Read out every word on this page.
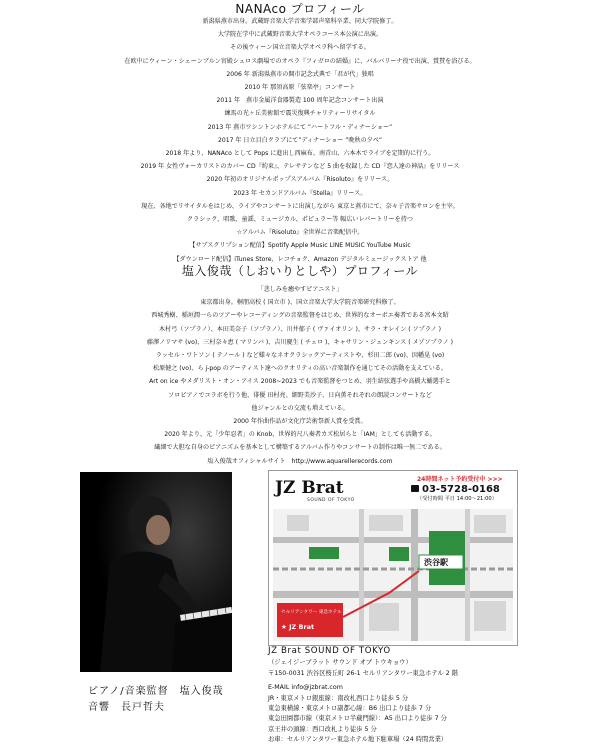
NANAco プロフィール
新潟県燕市出身。武蔵野音楽大学音楽学部声楽科卒業、同大学院修了。
大学院在学中に武蔵野音楽大学オペラコース本公演に出演。
その後ウィーン国立音楽大学オペラ科へ留学する。
在欧中にウィーン・シェーンブルン宮殿シュロス劇場でのオペラ『フィガロの結婚』に、バルバリーナ役で出演、賞賛を浴びる。
2006 年 新潟県燕市の開市記念式典で「君が代」独唱
2010 年 那須高原「弦楽亭」コンサート
2011 年　燕市金属洋食器製造 100 周年記念コンサート出演
練馬の光ヶ丘美術館で震災復興チャリティーリサイタル
2013 年 燕市ワシントンホテルにて ”ハートフル・ディナーショー”
2017 年 日立目白クラブにて”ディナーショー ”晩秋の夕べ”
2018 年より、NANAco として Pops に進出し西麻布、南青山、六本木でライブを定期的に行う。
2019 年 女性ヴォーカリストのカバー CD『約束』、テレサテンなど 5 曲を収録した CD『恋人達の神話』をリリース
2020 年初のオリジナルポップスアルバム『Risoluto』をリリース。
2023 年 セカンドアルバム『Stella』リリース。
現在、各地でリサイタルをはじめ、ライブやコンサートに出演しながら 東京と燕市にて、奈々子音楽サロンを主宰。
クラシック、唱歌、童謡、ミュージカル、ポピュラー等 幅広いレパートリーを持つ
☆アルバム『Risoluto』全世界に音楽配信中。
【サブスクリプション配信】Spotify Apple Music LINE MUSIC YouTube Music
【ダウンロード配信】iTunes Store、レコチョク、Amazon デジタルミュージックストア 他
塩入俊哉（しおいりとしや）プロフィール
「悲しみを癒やすピアニスト」
東京都出身。桐朋高校 ( 国立市 )、国立音楽大学大学院音楽研究科修了。
西城秀樹、稲垣潤一らのツアーやレコーディングの音楽監督をはじめ、世界的なオーボエ奏者である宮本文昭
木村弓（ソプラノ）、本田美奈子（ソプラノ）、川井郁子 ( ヴァイオリン )、サラ・オレイン ( ソプラノ )
藤澤ノリマサ (vo)、三村奈々恵 ( マリンバ )、吉川慶生 ( チェロ )、キャサリン・ジェンキンス ( メゾソプラノ )
ラッセル・ワトソン ( テノール ) など様々なネオクラシックアーティストや、杉田二郎 (vo)、因幡晃 (vo)
松原健之 (vo)、ら j-pop のアーティスト達へのクオリティの高い音楽制作を通じてその活動を支えている。
Art on ice やメダリスト・オン・アイス 2008~2023 でも音楽監督をつとめ、羽生結弦選手や高橋大輔選手と
ソロピアノでコラボを行う他、俳優 田村亮、細野美沙子、日向薫それぞれの朗読コンサートなど
他ジャンルとの交流も増えている。
2000 年作曲作品が文化庁芸術祭新人賞を受賞。
2020 年より、元「少年忍者」の Knob、世界的尺八奏者カズ松居らと「IAM」としても活動する。
繊細で大胆な自身のピアニズムを基本として構築するアルバム作りやコンサートの制作は唯一無二である。
塩入俊哉オフィシャルサイト　http://www.aquarellerecords.com
ピアノ/音楽監督　塩入俊哉
音響　長戸哲夫
JZ Brat
SOUND OF TOKYO
24時間ネット予約受付中 >>>
03-5728-0168
（受付時間 平日 14:00〜21:00）
渋谷駅
セルリアンタワー 東急ホテル 2階
★ JZ Brat
JZ Brat SOUND OF TOKYO
（ジェイジーブラット サウンド オブ トウキョウ）
〒150-0031 渋谷区桜丘町 26-1 セルリアンタワー東急ホテル 2 階
E-MAIL info@jzbrat.com
JR・東京メトロ銀座線：南改札西口より徒歩 5 分
東急東横線・東京メトロ副都心線：B6 出口より徒歩 7 分
東急田園都市線（東京メトロ半蔵門線）：A5 出口より徒歩 7 分
京王井の頭線：西口改札より徒歩 5 分
お車：セルリアンタワー東急ホテル地下駐車場（24 時間営業）
